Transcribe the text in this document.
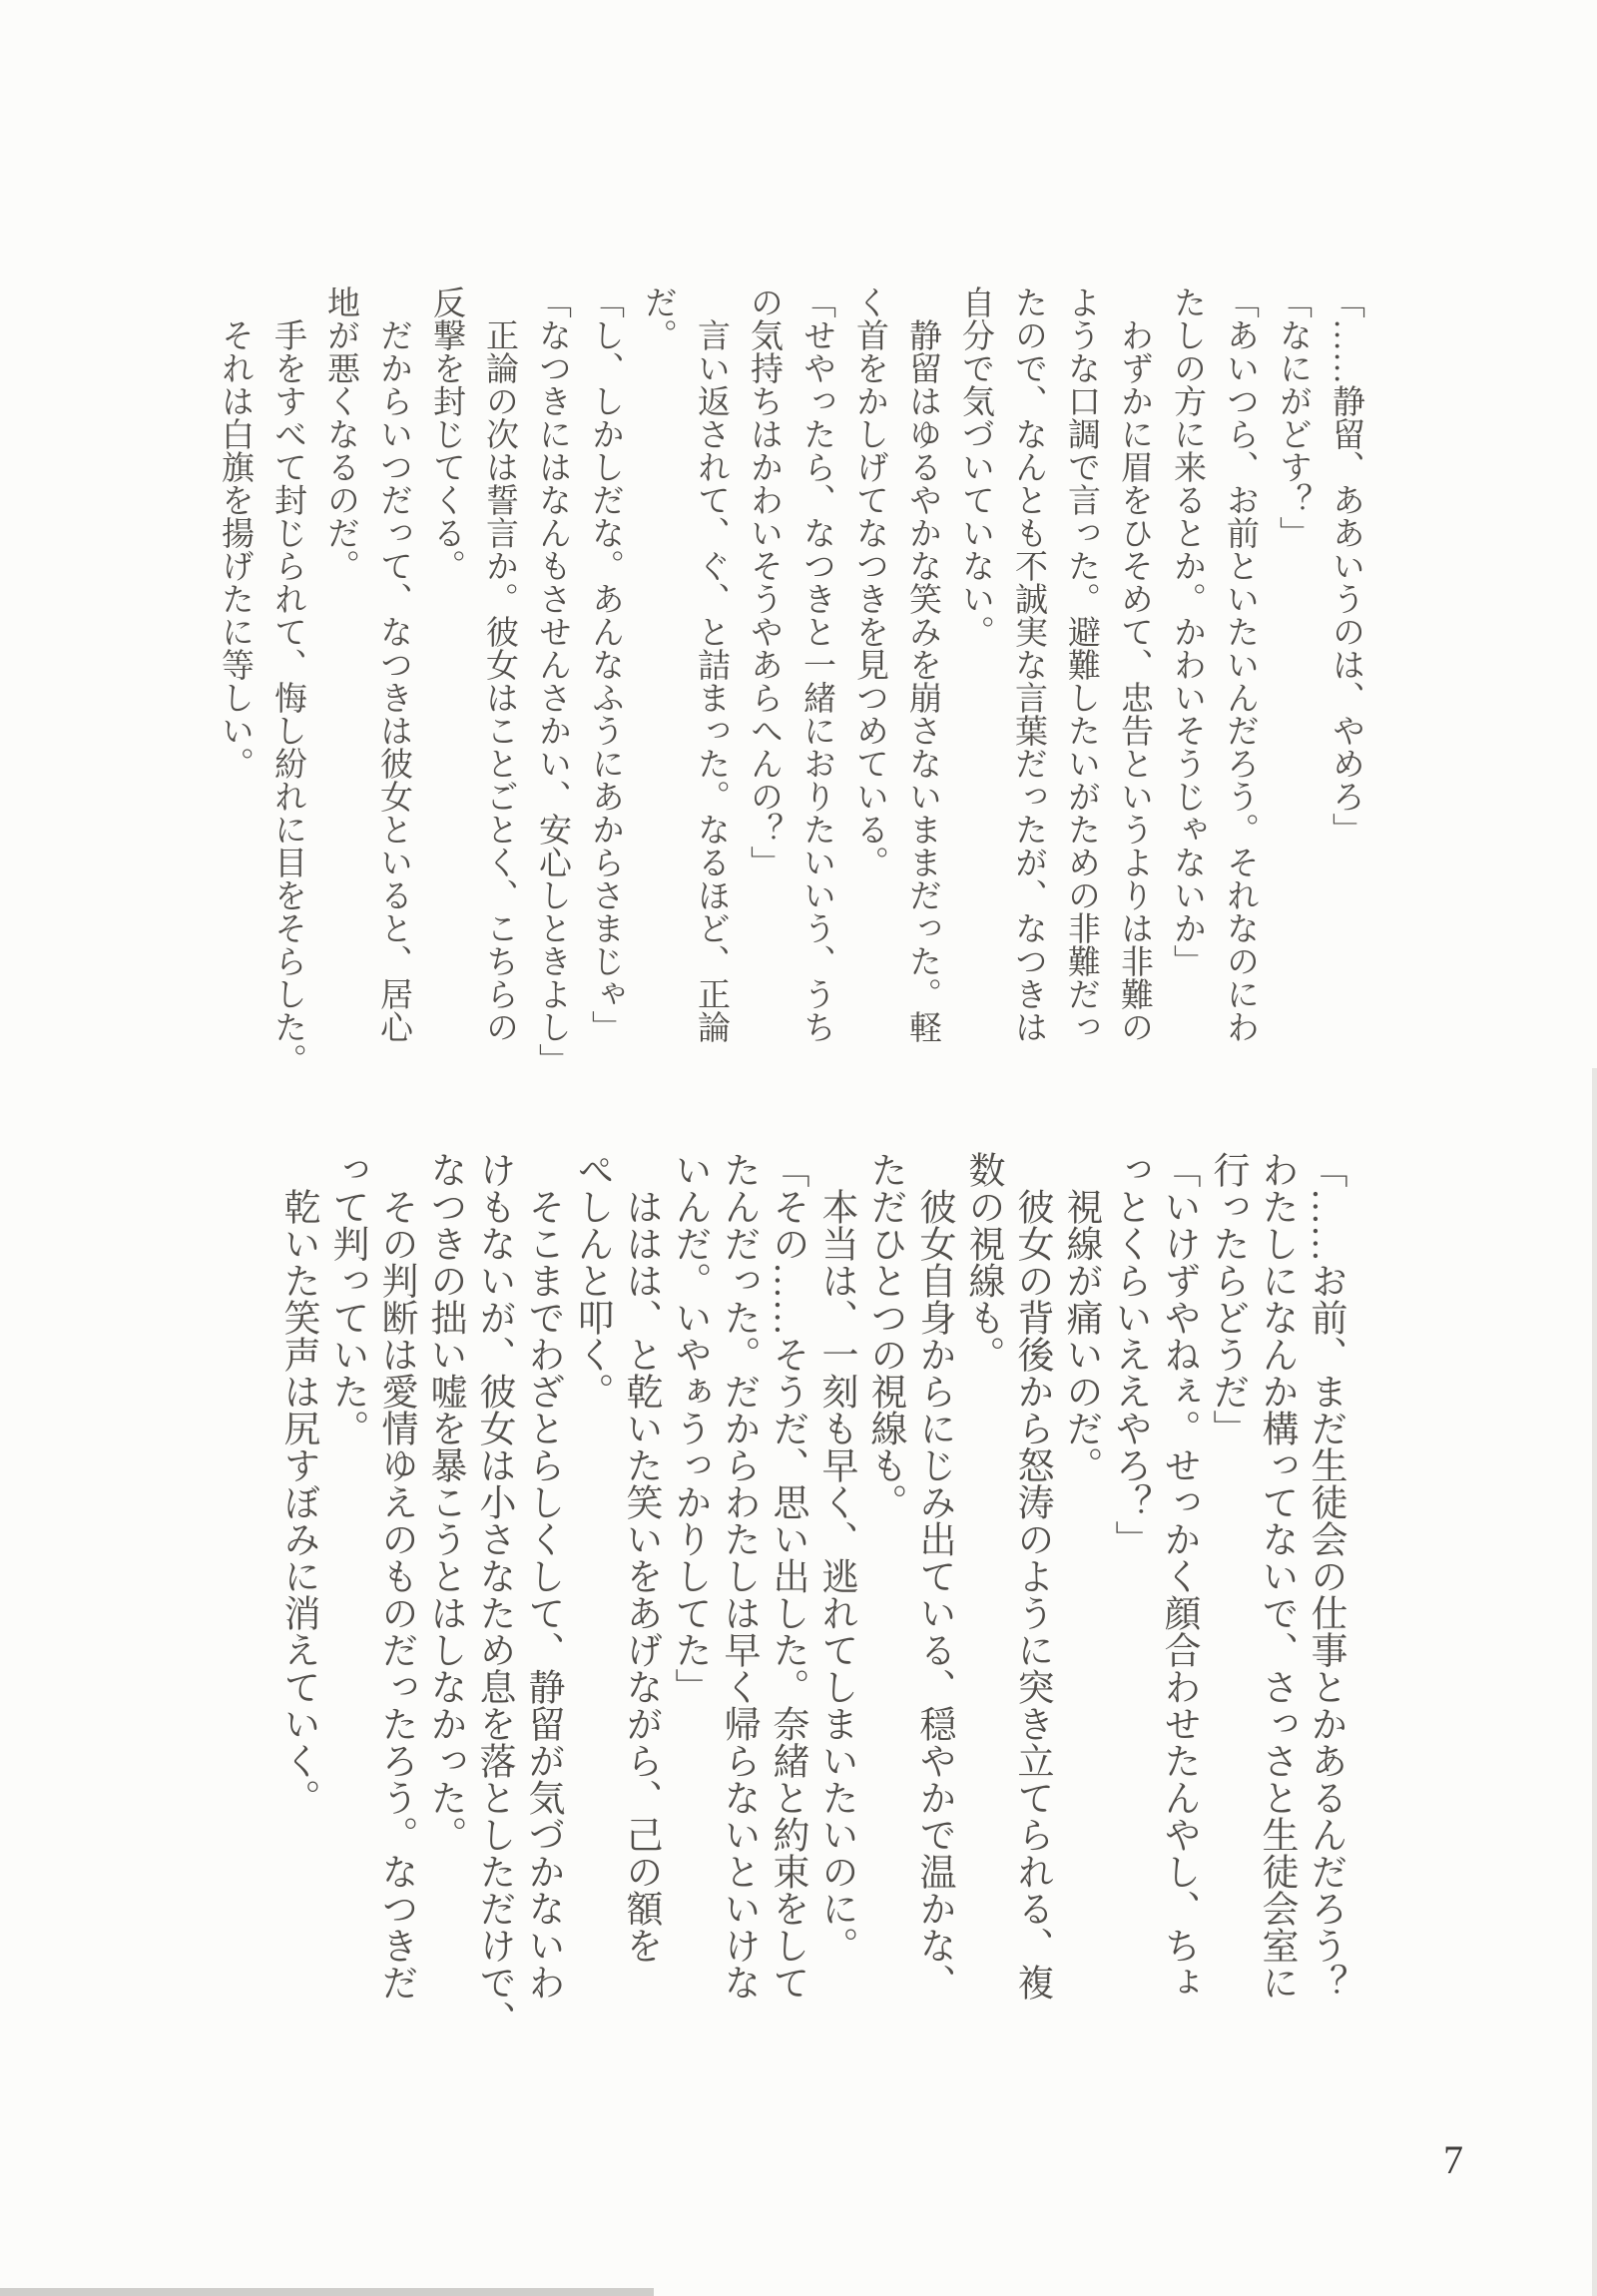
「……静留、ああいうのは、やめろ」
「なにがどす？」
「あいつら、お前といたいんだろう。それなのにわ
たしの方に来るとか。かわいそうじゃないか」
　わずかに眉をひそめて、忠告というよりは非難の
ような口調で言った。避難したいがための非難だっ
たので、なんとも不誠実な言葉だったが、なつきは
自分で気づいていない。
　静留はゆるやかな笑みを崩さないままだった。軽
く首をかしげてなつきを見つめている。
「せやったら、なつきと一緒におりたいいう、うち
の気持ちはかわいそうやあらへんの？」
　言い返されて、ぐ、と詰まった。なるほど、正論
だ。
「し、しかしだな。あんなふうにあからさまじゃ」
「なつきにはなんもさせんさかい、安心しときよし」
　正論の次は誓言か。彼女はことごとく、こちらの
反撃を封じてくる。
　だからいつだって、なつきは彼女といると、居心
地が悪くなるのだ。
　手をすべて封じられて、悔し紛れに目をそらした。
　それは白旗を揚げたに等しい。
「……お前、まだ生徒会の仕事とかあるんだろう？
わたしになんか構ってないで、さっさと生徒会室に
行ったらどうだ」
「いけずやねぇ。せっかく顔合わせたんやし、ちょ
っとくらいええやろ？」
　視線が痛いのだ。
　彼女の背後から怒涛のように突き立てられる、複
数の視線も。
　彼女自身からにじみ出ている、穏やかで温かな、
ただひとつの視線も。
　本当は、一刻も早く、逃れてしまいたいのに。
「その……そうだ、思い出した。奈緒と約束をして
たんだった。だからわたしは早く帰らないといけな
いんだ。いやぁうっかりしてた」
　ははは、と乾いた笑いをあげながら、己の額を
ぺしんと叩く。
　そこまでわざとらしくして、静留が気づかないわ
けもないが、彼女は小さなため息を落としただけで、
なつきの拙い嘘を暴こうとはしなかった。
　その判断は愛情ゆえのものだったろう。なつきだ
って判っていた。
　乾いた笑声は尻すぼみに消えていく。
7
